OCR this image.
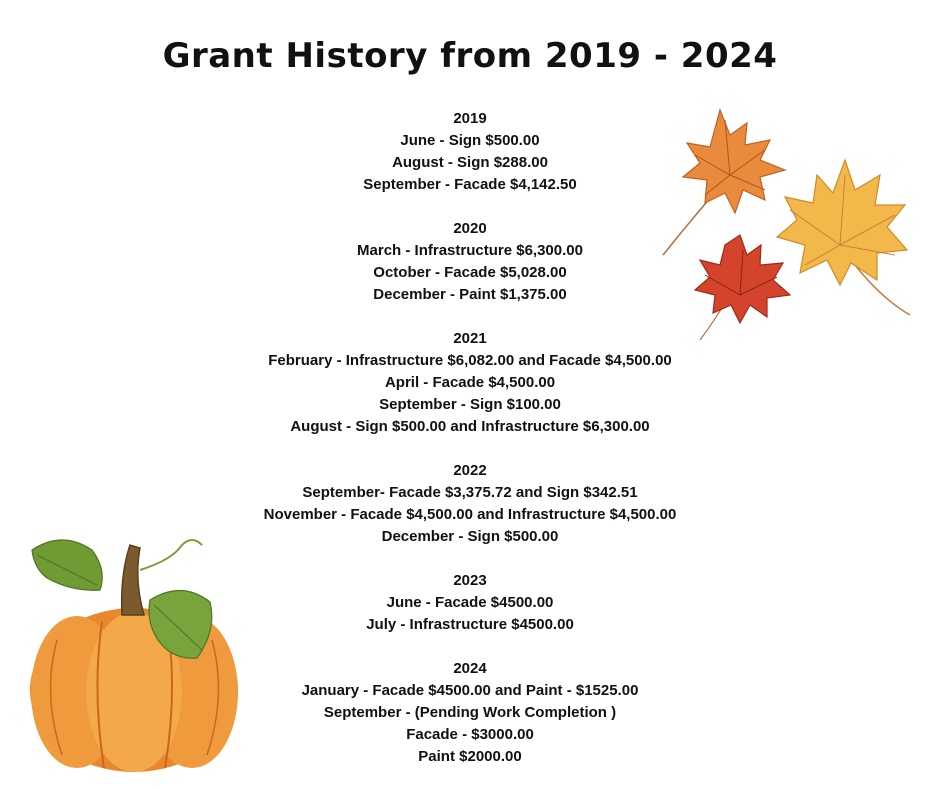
Grant History from 2019 - 2024
2019
June - Sign $500.00
August - Sign $288.00
September - Facade $4,142.50
2020
March - Infrastructure $6,300.00
October - Facade $5,028.00
December - Paint $1,375.00
2021
February - Infrastructure $6,082.00 and Facade $4,500.00
April - Facade $4,500.00
September - Sign $100.00
August - Sign $500.00 and Infrastructure $6,300.00
2022
September- Facade $3,375.72 and Sign $342.51
November - Facade $4,500.00 and Infrastructure $4,500.00
December - Sign $500.00
2023
June - Facade $4500.00
July - Infrastructure $4500.00
2024
January - Facade $4500.00 and Paint - $1525.00
September - (Pending Work Completion )
Facade - $3000.00
Paint $2000.00
